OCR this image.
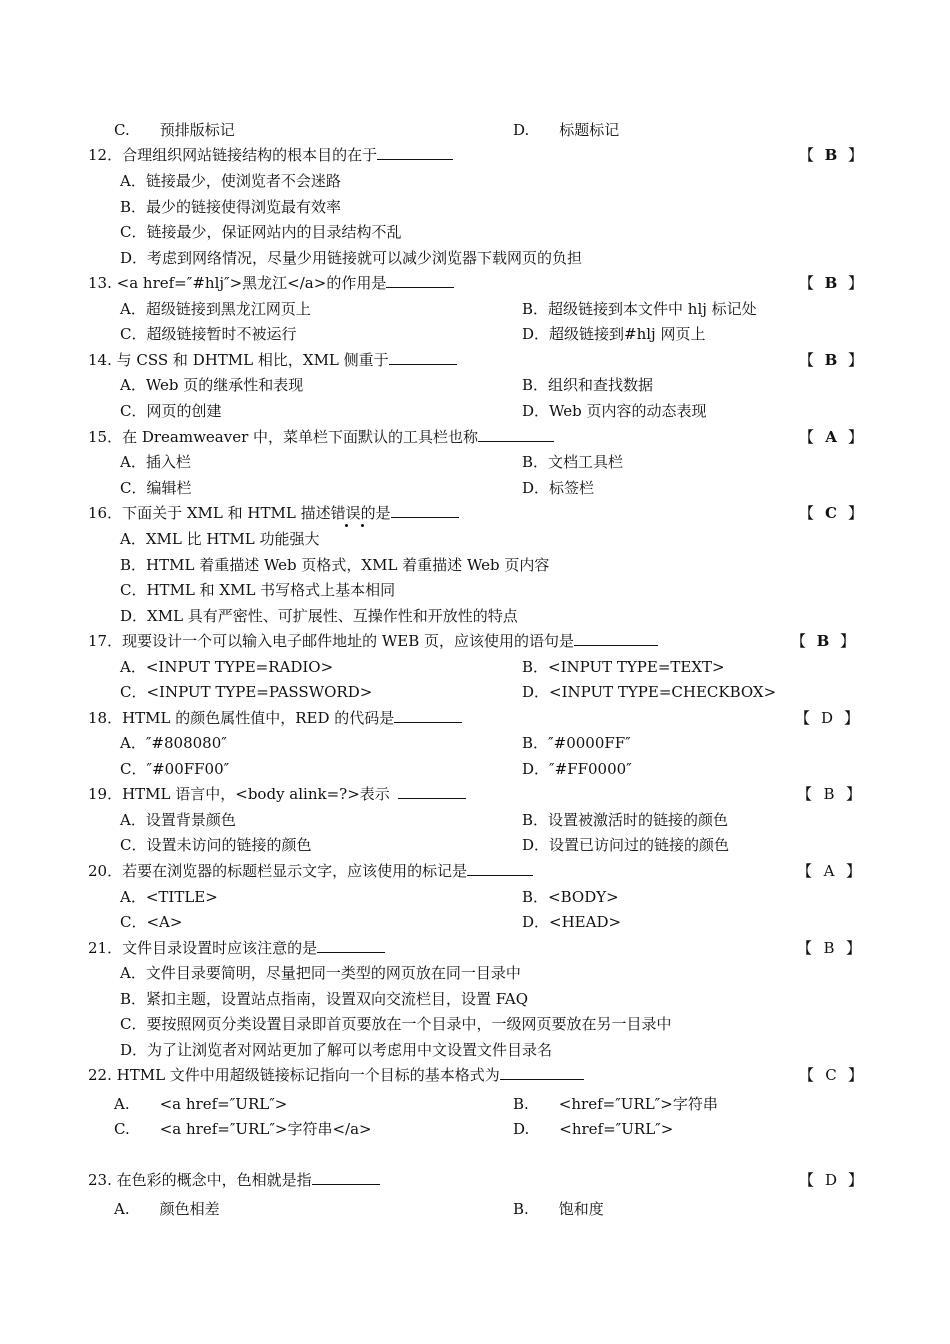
C.　　预排版标记	D.　　标题标记
12．合理组织网站链接结构的根本目的在于	【 B 】
A．链接最少，使浏览者不会迷路
B．最少的链接使得浏览最有效率
C．链接最少，保证网站内的目录结构不乱
D．考虑到网络情况，尽量少用链接就可以减少浏览器下载网页的负担
13. <a href=″#hlj″>黑龙江</a>的作用是	【 B 】
A．超级链接到黑龙江网页上	B．超级链接到本文件中 hlj 标记处
C．超级链接暂时不被运行	D．超级链接到#hlj 网页上
14. 与 CSS 和 DHTML 相比，XML 侧重于	【 B 】
A．Web 页的继承性和表现	B．组织和查找数据
C．网页的创建	D．Web 页内容的动态表现
15．在 Dreamweaver 中，菜单栏下面默认的工具栏也称	【 A 】
A．插入栏	B．文档工具栏
C．编辑栏	D．标签栏
16．下面关于 XML 和 HTML 描述错误的是	【 C 】
A．XML 比 HTML 功能强大
B．HTML 着重描述 Web 页格式，XML 着重描述 Web 页内容
C．HTML 和 XML 书写格式上基本相同
D．XML 具有严密性、可扩展性、互操作性和开放性的特点
17．现要设计一个可以输入电子邮件地址的 WEB 页，应该使用的语句是	【 B 】
A．<INPUT TYPE=RADIO>	B．<INPUT TYPE=TEXT>
C．<INPUT TYPE=PASSWORD>	D．<INPUT TYPE=CHECKBOX>
18．HTML 的颜色属性值中，RED 的代码是	【 D 】
A．″#808080″	B．″#0000FF″
C．″#00FF00″	D．″#FF0000″
19．HTML 语言中，<body alink=?>表示	【 B 】
A．设置背景颜色	B．设置被激活时的链接的颜色
C．设置未访问的链接的颜色	D．设置已访问过的链接的颜色
20．若要在浏览器的标题栏显示文字，应该使用的标记是	【 A 】
A．<TITLE>	B．<BODY>
C．<A>	D．<HEAD>
21．文件目录设置时应该注意的是	【 B 】
A．文件目录要简明，尽量把同一类型的网页放在同一目录中
B．紧扣主题，设置站点指南，设置双向交流栏目，设置 FAQ
C．要按照网页分类设置目录即首页要放在一个目录中，一级网页要放在另一目录中
D．为了让浏览者对网站更加了解可以考虑用中文设置文件目录名
22. HTML 文件中用超级链接标记指向一个目标的基本格式为	【 C 】
A.　　<a href=″URL″>	B.　　<href=″URL″>字符串
C.　　<a href=″URL″>字符串</a>	D.　　<href=″URL″>
23. 在色彩的概念中，色相就是指	【 D 】
A.　　颜色相差	B.　　饱和度
